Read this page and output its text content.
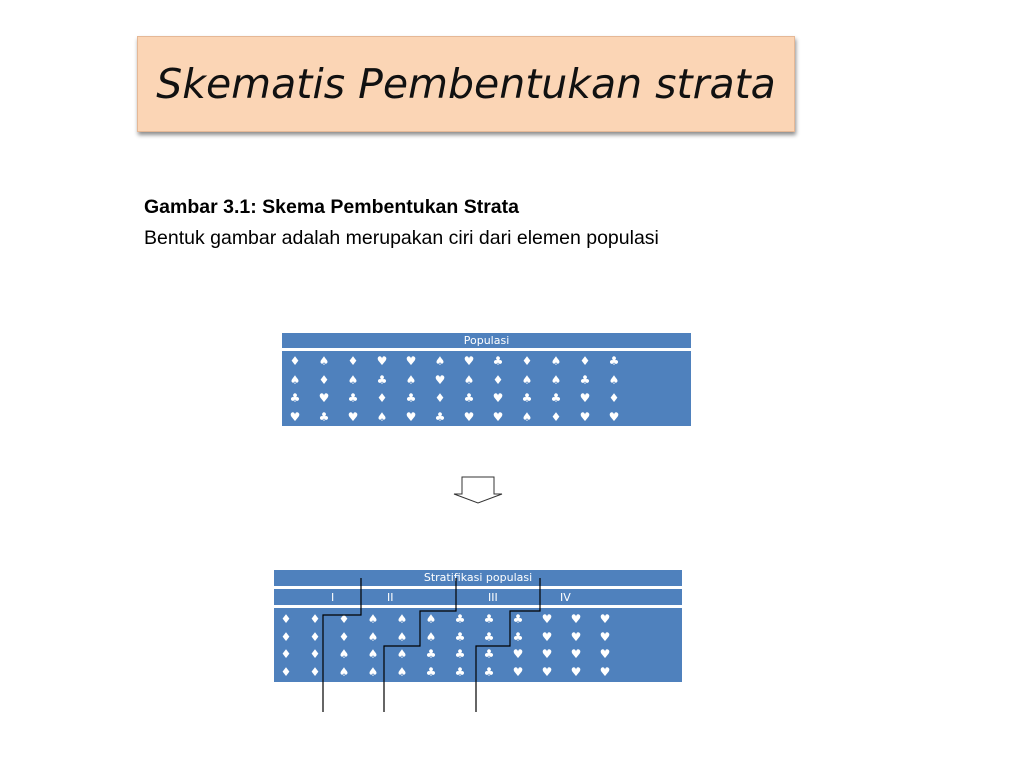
Skematis Pembentukan strata
Gambar 3.1: Skema Pembentukan Strata
Bentuk gambar adalah merupakan ciri dari elemen populasi
Populasi
♦ ♠ ♦ ♥ ♥ ♠ ♥ ♣ ♦ ♠ ♦ ♣
♠ ♦ ♠ ♣ ♠ ♥ ♠ ♦ ♠ ♠ ♣ ♠
♣ ♥ ♣ ♦ ♣ ♦ ♣ ♥ ♣ ♣ ♥ ♦
♥ ♣ ♥ ♠ ♥ ♣ ♥ ♥ ♠ ♦ ♥ ♥
Stratifikasi populasi
I	II	III	IV
♦ ♦ ♦ ♠ ♠ ♠ ♣ ♣ ♣ ♥ ♥ ♥
♦ ♦ ♦ ♠ ♠ ♠ ♣ ♣ ♣ ♥ ♥ ♥
♦ ♦ ♠ ♠ ♠ ♣ ♣ ♣ ♥ ♥ ♥ ♥
♦ ♦ ♠ ♠ ♠ ♣ ♣ ♣ ♥ ♥ ♥ ♥
